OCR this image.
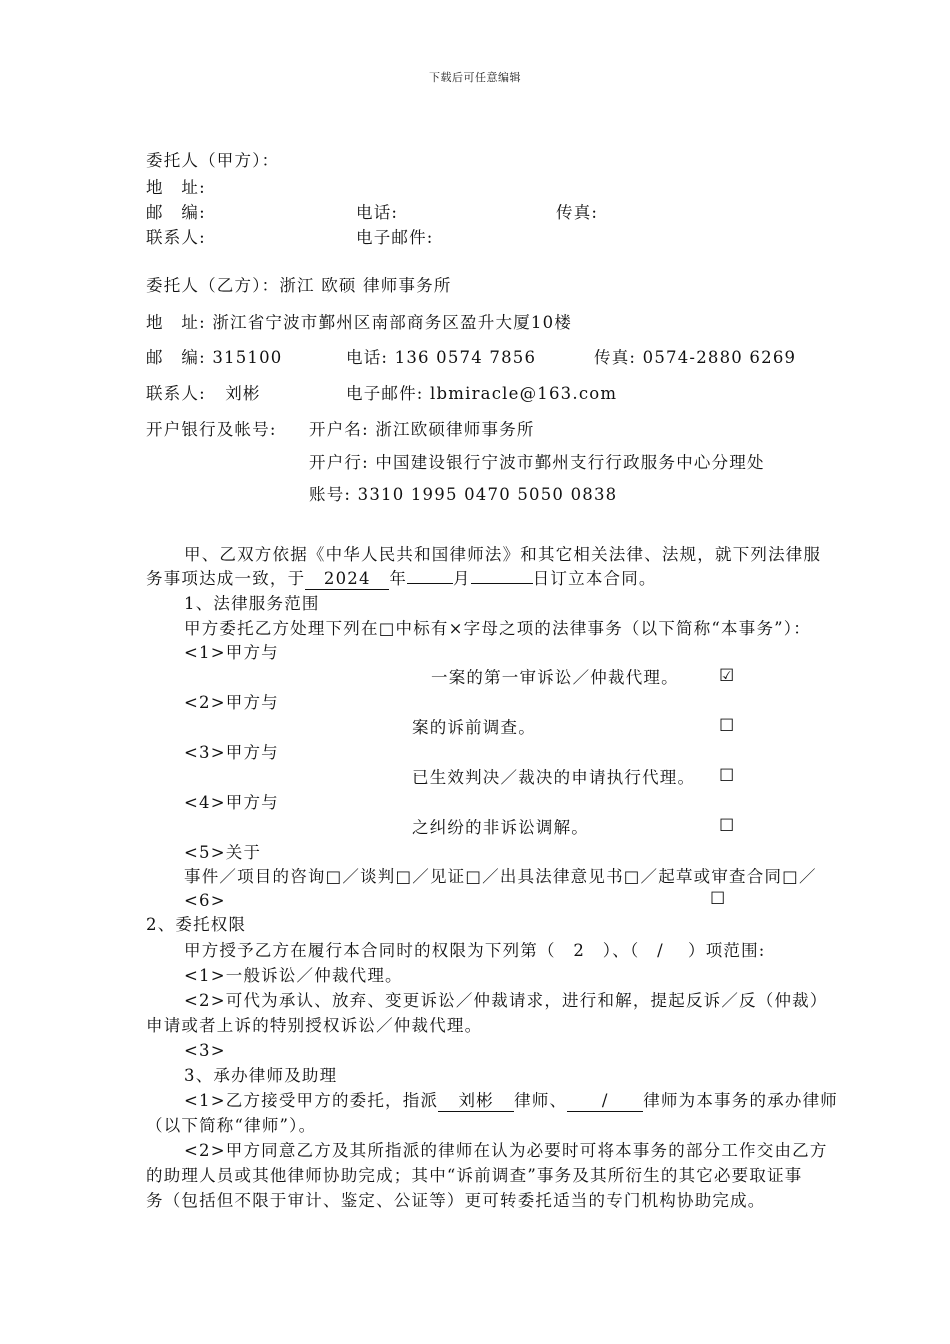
下载后可任意编辑
委托人（甲方）：
地　址:
邮　编:	电话:	传真:
联系人:	电子邮件:
委托人（乙方）：浙江 欧硕 律师事务所
地　址: 浙江省宁波市鄞州区南部商务区盈升大厦10楼
邮　编: 315100	电话: 136 0574 7856	传真: 0574-2880 6269
联系人: 刘彬	电子邮件: lbmiracle@163.com
开户银行及帐号: 开户名: 浙江欧硕律师事务所
开户行: 中国建设银行宁波市鄞州支行行政服务中心分理处
账号: 3310 1995 0470 5050 0838
甲、乙双方依据《中华人民共和国律师法》和其它相关法律、法规，就下列法律服
务事项达成一致，于 2024 年	月	日订立本合同。
1、法律服务范围
甲方委托乙方处理下列在□中标有×字母之项的法律事务（以下简称“本事务”）：
<1>甲方与
一案的第一审诉讼／仲裁代理。 ☑
<2>甲方与
案的诉前调查。	☐
<3>甲方与
已生效判决／裁决的申请执行代理。 ☐
<4>甲方与
之纠纷的非诉讼调解。	☐
<5>关于
事件／项目的咨询□／谈判□／见证□／出具法律意见书□／起草或审查合同□／
<6>	☐
2、委托权限
甲方授予乙方在履行本合同时的权限为下列第（　2　）、（　/　 ）项范围:
<1>一般诉讼／仲裁代理。
<2>可代为承认、放弃、变更诉讼／仲裁请求，进行和解，提起反诉／反（仲裁）
申请或者上诉的特别授权诉讼／仲裁代理。
<3>
3、承办律师及助理
<1>乙方接受甲方的委托，指派 刘彬 律师、 / 律师为本事务的承办律师
（以下简称“律师”）。
<2>甲方同意乙方及其所指派的律师在认为必要时可将本事务的部分工作交由乙方
的助理人员或其他律师协助完成；其中“诉前调查”事务及其所衍生的其它必要取证事
务（包括但不限于审计、鉴定、公证等）更可转委托适当的专门机构协助完成。
